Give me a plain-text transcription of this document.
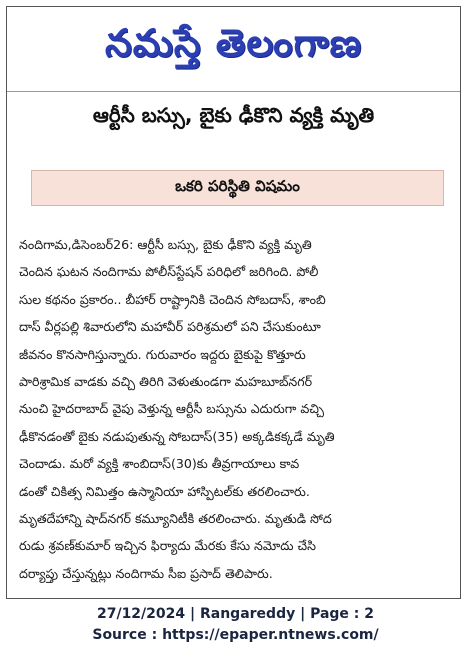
నమస్తే తెలంగాణ
ఆర్టీసీ బస్సు, బైకు ఢీకొని వ్యక్తి మృతి
ఒకరి పరిస్థితి విషమం
నందిగామ,డిసెంబర్26: ఆర్టీసీ బస్సు, బైకు ఢీకొని వ్యక్తి మృతి
చెందిన ఘటన నందిగామ పోలీస్‌స్టేషన్ పరిధిలో జరిగింది. పోలీ
సుల కథనం ప్రకారం.. బీహార్ రాష్ట్రానికి చెందిన సోబదాస్, శాంబి
దాస్ వీర్లపల్లి శివారులోని మహావీర్ పరిశ్రమలో పని చేసుకుంటూ
జీవనం కొనసాగిస్తున్నారు. గురువారం ఇద్దరు బైకుపై కొత్తూరు
పారిశ్రామిక వాడకు వచ్చి తిరిగి వెళుతుండగా మహబూబ్‌నగర్
నుంచి హైదరాబాద్ వైపు వెళ్తున్న ఆర్టీసీ బస్సును ఎదురుగా వచ్చి
ఢీకొనడంతో బైకు నడుపుతున్న సోబదాస్(35) అక్కడికక్కడే మృతి
చెందాడు. మరో వ్యక్తి శాంబిదాస్(30)కు తీవ్రగాయాలు కావ
డంతో చికిత్స నిమిత్తం ఉస్మానియా హాస్పిటల్‌కు తరలించారు.
మృతదేహాన్ని షాద్‌నగర్ కమ్యూనిటీకి తరలించారు. మృతుడి సోద
రుడు శ్రవణ్‌కుమార్ ఇచ్చిన ఫిర్యాదు మేరకు కేసు నమోదు చేసి
దర్యాప్తు చేస్తున్నట్లు నందిగామ సీఐ ప్రసాద్ తెలిపారు.
27/12/2024 | Rangareddy | Page : 2
Source : https://epaper.ntnews.com/
